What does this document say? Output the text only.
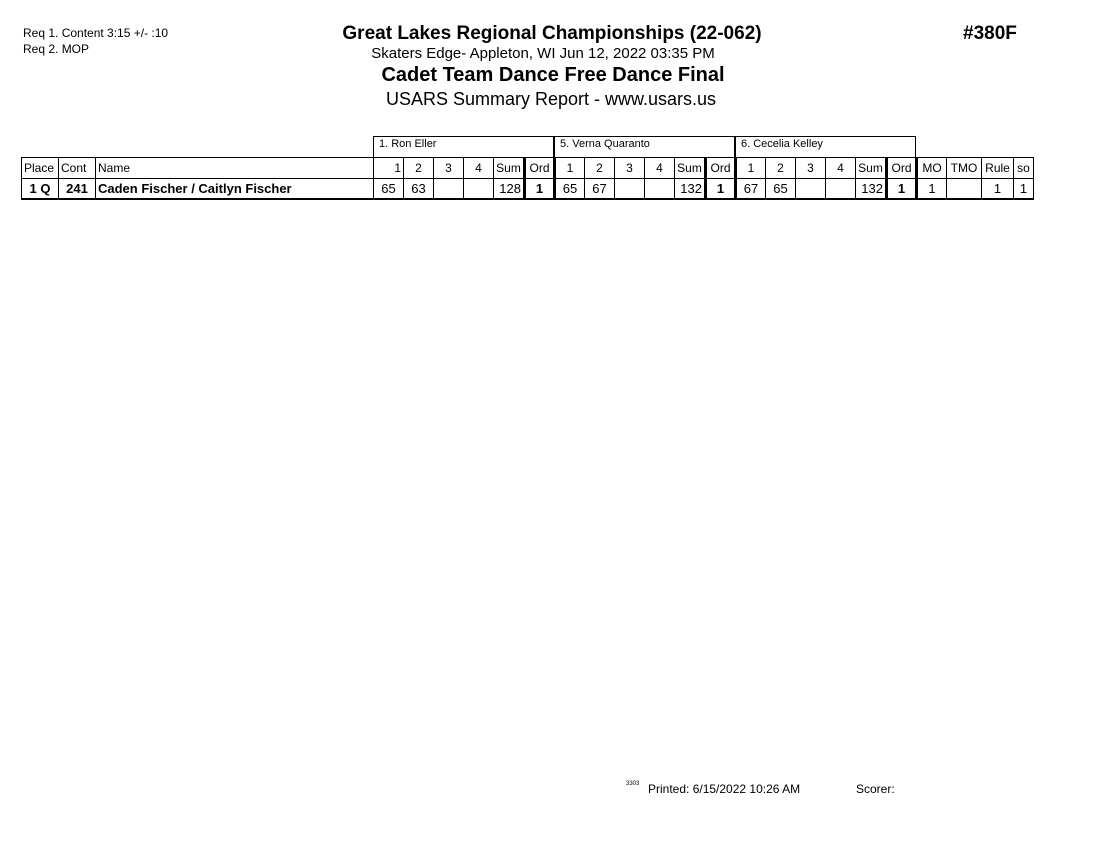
Req 1. Content 3:15 +/- :10
Req 2. MOP
Great Lakes Regional Championships (22-062)
Skaters Edge- Appleton, WI Jun 12, 2022 03:35 PM
Cadet Team Dance Free Dance Final
USARS Summary Report - www.usars.us
#380F
1. Ron Eller	5. Verna Quaranto	6. Cecelia Kelley
Place	Cont	Name	1	2	3	4	Sum	Ord	1	2	3	4	Sum	Ord	1	2	3	4	Sum	Ord	MO	TMO	Rule	so
1 Q	241	Caden Fischer / Caitlyn Fischer	65	63			128	1	65	67			132	1	67	65			132	1	1		1	1
3303 Printed: 6/15/2022 10:26 AM	Scorer:
